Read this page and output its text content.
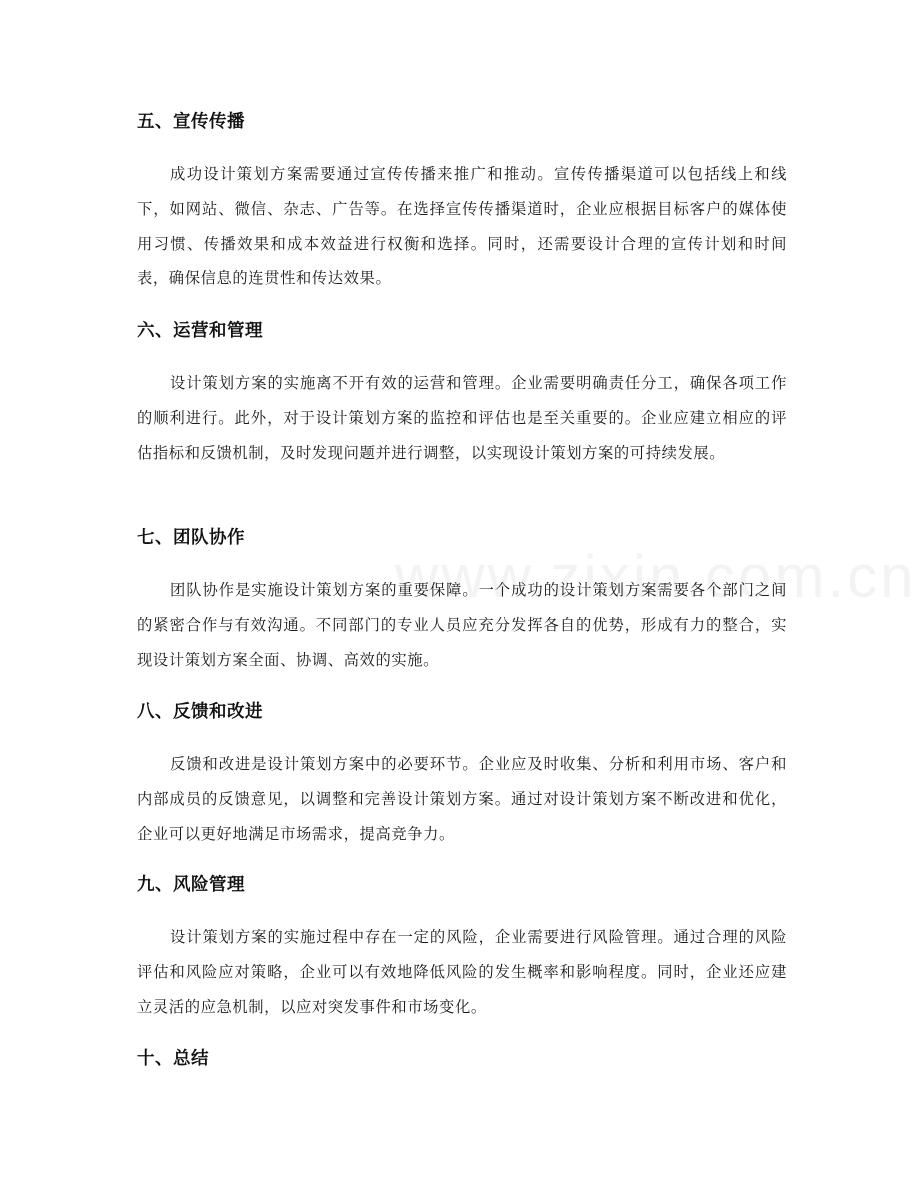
五、宣传传播

成功设计策划方案需要通过宣传传播来推广和推动。宣传传播渠道可以包括线上和线下，如网站、微信、杂志、广告等。在选择宣传传播渠道时，企业应根据目标客户的媒体使用习惯、传播效果和成本效益进行权衡和选择。同时，还需要设计合理的宣传计划和时间表，确保信息的连贯性和传达效果。

六、运营和管理

设计策划方案的实施离不开有效的运营和管理。企业需要明确责任分工，确保各项工作的顺利进行。此外，对于设计策划方案的监控和评估也是至关重要的。企业应建立相应的评估指标和反馈机制，及时发现问题并进行调整，以实现设计策划方案的可持续发展。

七、团队协作

团队协作是实施设计策划方案的重要保障。一个成功的设计策划方案需要各个部门之间的紧密合作与有效沟通。不同部门的专业人员应充分发挥各自的优势，形成有力的整合，实现设计策划方案全面、协调、高效的实施。

八、反馈和改进

反馈和改进是设计策划方案中的必要环节。企业应及时收集、分析和利用市场、客户和内部成员的反馈意见，以调整和完善设计策划方案。通过对设计策划方案不断改进和优化，企业可以更好地满足市场需求，提高竞争力。

九、风险管理

设计策划方案的实施过程中存在一定的风险，企业需要进行风险管理。通过合理的风险评估和风险应对策略，企业可以有效地降低风险的发生概率和影响程度。同时，企业还应建立灵活的应急机制，以应对突发事件和市场变化。

十、总结
